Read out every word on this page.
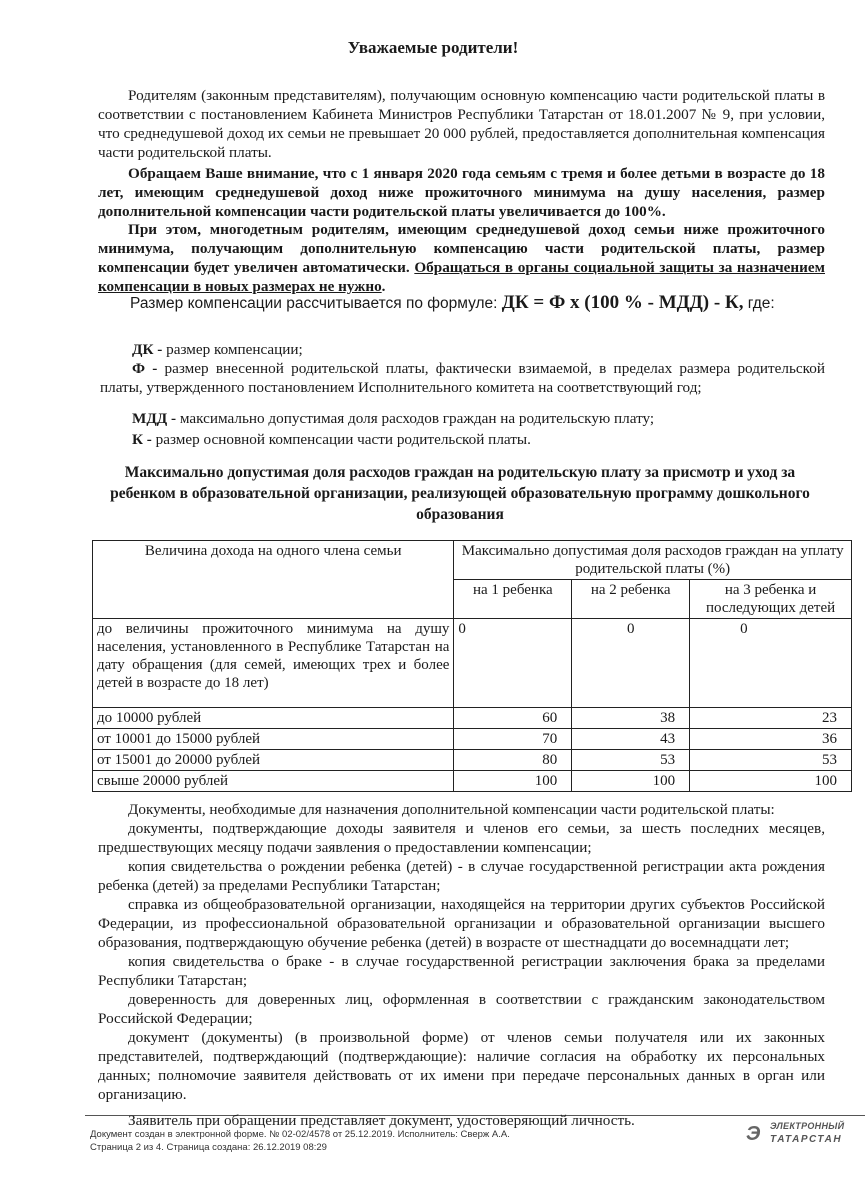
Уважаемые родители!
Родителям (законным представителям), получающим основную компенсацию части родительской платы в соответствии с постановлением Кабинета Министров Республики Татарстан от 18.01.2007 № 9, при условии, что среднедушевой доход их семьи не превышает 20 000 рублей, предоставляется дополнительная компенсация части родительской платы.
Обращаем Ваше внимание, что с 1 января 2020 года семьям с тремя и более детьми в возрасте до 18 лет, имеющим среднедушевой доход ниже прожиточного минимума на душу населения, размер дополнительной компенсации части родительской платы увеличивается до 100%.
При этом, многодетным родителям, имеющим среднедушевой доход семьи ниже прожиточного минимума, получающим дополнительную компенсацию части родительской платы, размер компенсации будет увеличен автоматически. Обращаться в органы социальной защиты за назначением компенсации в новых размерах не нужно.
Размер компенсации рассчитывается по формуле: ДК = Ф х (100 % - МДД) - К, где:
ДК - размер компенсации;
Ф - размер внесенной родительской платы, фактически взимаемой, в пределах размера родительской платы, утвержденного постановлением Исполнительного комитета на соответствующий год;
МДД - максимально допустимая доля расходов граждан на родительскую плату;
К - размер основной компенсации части родительской платы.
Максимально допустимая доля расходов граждан на родительскую плату за присмотр и уход за ребенком в образовательной организации, реализующей образовательную программу дошкольного образования
Величина дохода на одного члена семьи	Максимально допустимая доля расходов граждан на уплату родительской платы (%)		
	на 1 ребенка	на 2 ребенка	на 3 ребенка и последующих детей
до величины прожиточного минимума на душу населения, установленного в Республике Татарстан на дату обращения (для семей, имеющих трех и более детей в возрасте до 18 лет)	0	0	0
до 10000 рублей	60	38	23
от 10001 до 15000 рублей	70	43	36
от 15001 до 20000 рублей	80	53	53
свыше 20000 рублей	100	100	100

Документы, необходимые для назначения дополнительной компенсации части родительской платы:

документы, подтверждающие доходы заявителя и членов его семьи, за шесть последних месяцев, предшествующих месяцу подачи заявления о предоставлении компенсации;

копия свидетельства о рождении ребенка (детей) - в случае государственной регистрации акта рождения ребенка (детей) за пределами Республики Татарстан;

справка из общеобразовательной организации, находящейся на территории других субъектов Российской Федерации, из профессиональной образовательной организации и образовательной организации высшего образования, подтверждающую обучение ребенка (детей) в возрасте от шестнадцати до восемнадцати лет;

копия свидетельства о браке - в случае государственной регистрации заключения брака за пределами Республики Татарстан;

доверенность для доверенных лиц, оформленная в соответствии с гражданским законодательством Российской Федерации;

документ (документы) (в произвольной форме) от членов семьи получателя или их законных представителей, подтверждающий (подтверждающие): наличие согласия на обработку их персональных данных; полномочие заявителя действовать от их имени при передаче персональных данных в орган или организацию.

Заявитель при обращении представляет документ, удостоверяющий личность.
Документ создан в электронной форме. № 02-02/4578 от 25.12.2019. Исполнитель: Сверж А.А.
Страница 2 из 4. Страница создана: 26.12.2019 08:29
Э	ЭЛЕКТРОННЫЙ
ТАТАРСТАН
